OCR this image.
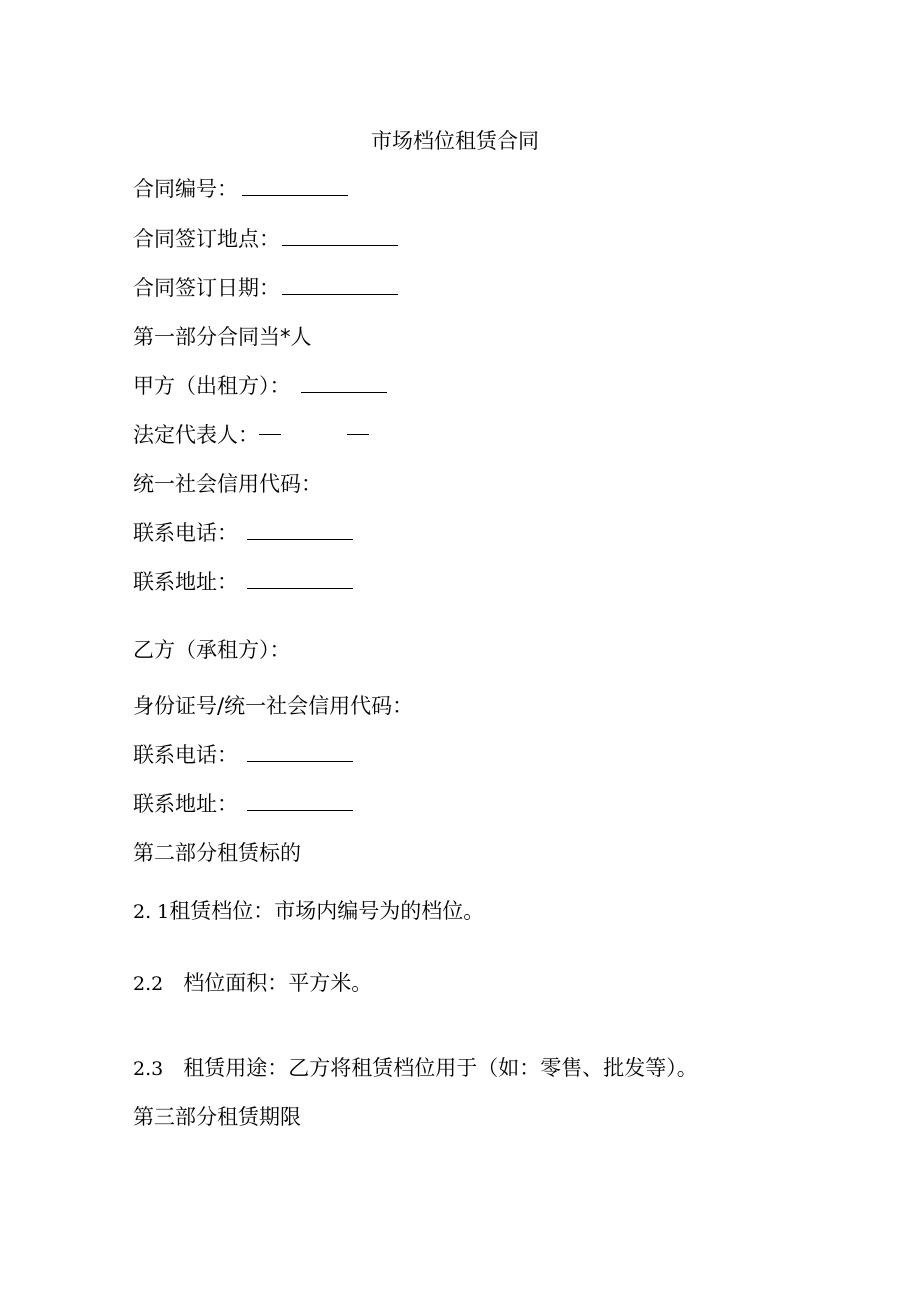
市场档位租赁合同
合同编号：
合同签订地点：
合同签订日期：
第一部分合同当*人
甲方（出租方）：
法定代表人：
统一社会信用代码：
联系电话：
联系地址：
乙方（承租方）：
身份证号/统一社会信用代码：
联系电话：
联系地址：
第二部分租赁标的
2. 1租赁档位：市场内编号为的档位。
2.2 档位面积：平方米。
2.3 租赁用途：乙方将租赁档位用于（如：零售、批发等）。
第三部分租赁期限
